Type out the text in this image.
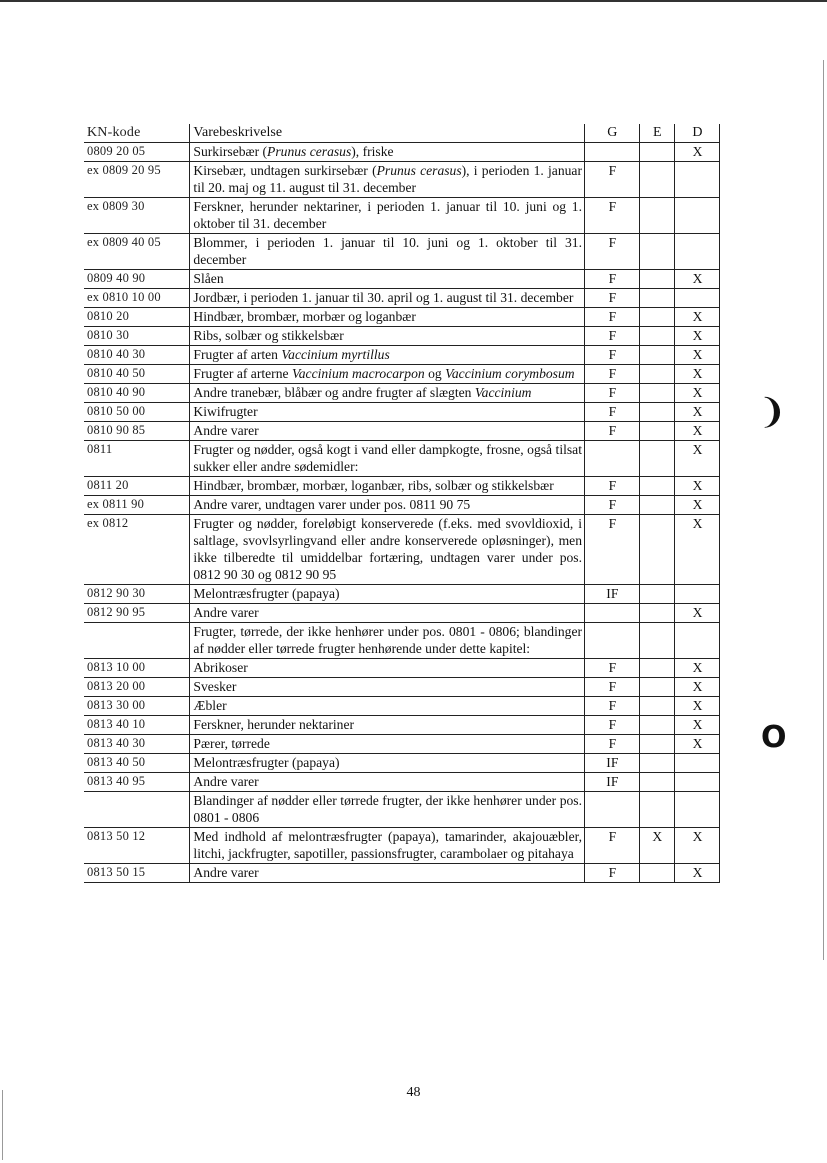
KN-kode	Varebeskrivelse	G	E	D
0809 20 05	Surkirsebær (Prunus cerasus), friske			X
ex 0809 20 95	Kirsebær, undtagen surkirsebær (Prunus cerasus), i perioden 1. januar til 20. maj og 11. august til 31. december	F		
ex 0809 30	Ferskner, herunder nektariner, i perioden 1. januar til 10. juni og 1. oktober til 31. december	F		
ex 0809 40 05	Blommer, i perioden 1. januar til 10. juni og 1. oktober til 31. december	F		
0809 40 90	Slåen	F		X
ex 0810 10 00	Jordbær, i perioden 1. januar til 30. april og 1. august til 31. december	F		
0810 20	Hindbær, brombær, morbær og loganbær	F		X
0810 30	Ribs, solbær og stikkelsbær	F		X
0810 40 30	Frugter af arten Vaccinium myrtillus	F		X
0810 40 50	Frugter af arterne Vaccinium macrocarpon og Vaccinium corymbosum	F		X
0810 40 90	Andre tranebær, blåbær og andre frugter af slægten Vaccinium	F		X
0810 50 00	Kiwifrugter	F		X
0810 90 85	Andre varer	F		X
0811	Frugter og nødder, også kogt i vand eller dampkogte, frosne, også tilsat sukker eller andre sødemidler:			X
0811 20	Hindbær, brombær, morbær, loganbær, ribs, solbær og stikkelsbær	F		X
ex 0811 90	Andre varer, undtagen varer under pos. 0811 90 75	F		X
ex 0812	Frugter og nødder, foreløbigt konserverede (f.eks. med svovldioxid, i saltlage, svovlsyrlingvand eller andre konserverede opløsninger), men ikke tilberedte til umiddelbar fortæring, undtagen varer under pos. 0812 90 30 og 0812 90 95	F		X
0812 90 30	Melontræsfrugter (papaya)	IF		
0812 90 95	Andre varer			X
	Frugter, tørrede, der ikke henhører under pos. 0801 - 0806; blandinger af nødder eller tørrede frugter henhørende under dette kapitel:			
0813 10 00	Abrikoser	F		X
0813 20 00	Svesker	F		X
0813 30 00	Æbler	F		X
0813 40 10	Ferskner, herunder nektariner	F		X
0813 40 30	Pærer, tørrede	F		X
0813 40 50	Melontræsfrugter (papaya)	IF		
0813 40 95	Andre varer	IF		
	Blandinger af nødder eller tørrede frugter, der ikke henhører under pos. 0801 - 0806			
0813 50 12	Med indhold af melontræsfrugter (papaya), tamarinder, akajouæbler, litchi, jackfrugter, sapotiller, passionsfrugter, carambolaer og pitahaya	F	X	X
0813 50 15	Andre varer	F		X
❩
O
48
